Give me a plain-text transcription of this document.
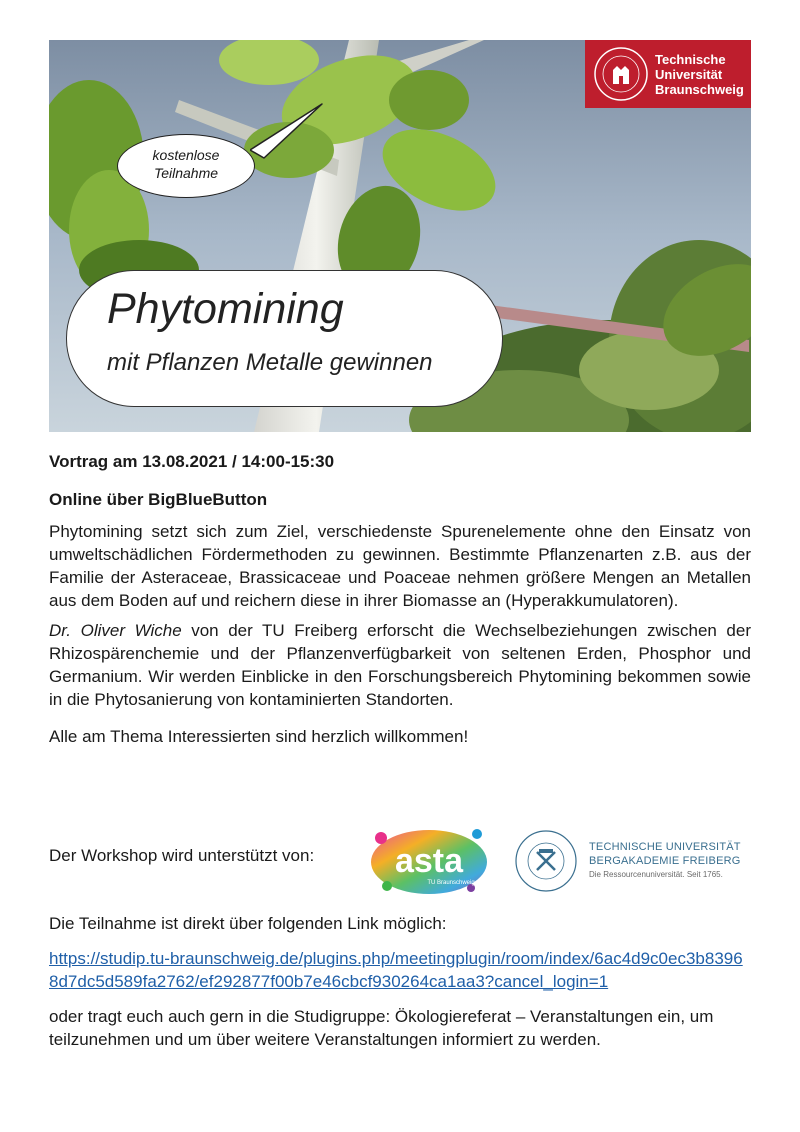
Technische
Universität
Braunschweig
kostenlose
Teilnahme
Phytomining
mit Pflanzen Metalle gewinnen

Vortrag am 13.08.2021 / 14:00-15:30

Online über BigBlueButton

Phytomining setzt sich zum Ziel, verschiedenste Spurenelemente ohne den Einsatz von umweltschädlichen Fördermethoden zu gewinnen. Bestimmte Pflanzenarten z.B. aus der Familie der Asteraceae, Brassicaceae und Poaceae nehmen größere Mengen an Metallen aus dem Boden auf und reichern diese in ihrer Biomasse an (Hyperakkumulatoren).

Dr. Oliver Wiche von der TU Freiberg erforscht die Wechselbeziehungen zwischen der Rhizospärenchemie und der Pflanzenverfügbarkeit von seltenen Erden, Phosphor und Germanium. Wir werden Einblicke in den Forschungsbereich Phytomining bekommen sowie in die Phytosanierung von kontaminierten Standorten.

Alle am Thema Interessierten sind herzlich willkommen!

Der Workshop wird unterstützt von: asta
TU Braunschweig
TECHNISCHE UNIVERSITÄT
BERGAKADEMIE FREIBERG
Die Ressourcenuniversität. Seit 1765.

Die Teilnahme ist direkt über folgenden Link möglich:

https://studip.tu-braunschweig.de/plugins.php/meetingplugin/room/index/6ac4d9c0ec3b83968d7dc5d589fa2762/ef292877f00b7e46cbcf930264ca1aa3?cancel_login=1

oder tragt euch auch gern in die Studigruppe: Ökologiereferat – Veranstaltungen ein, um teilzunehmen und um über weitere Veranstaltungen informiert zu werden.
